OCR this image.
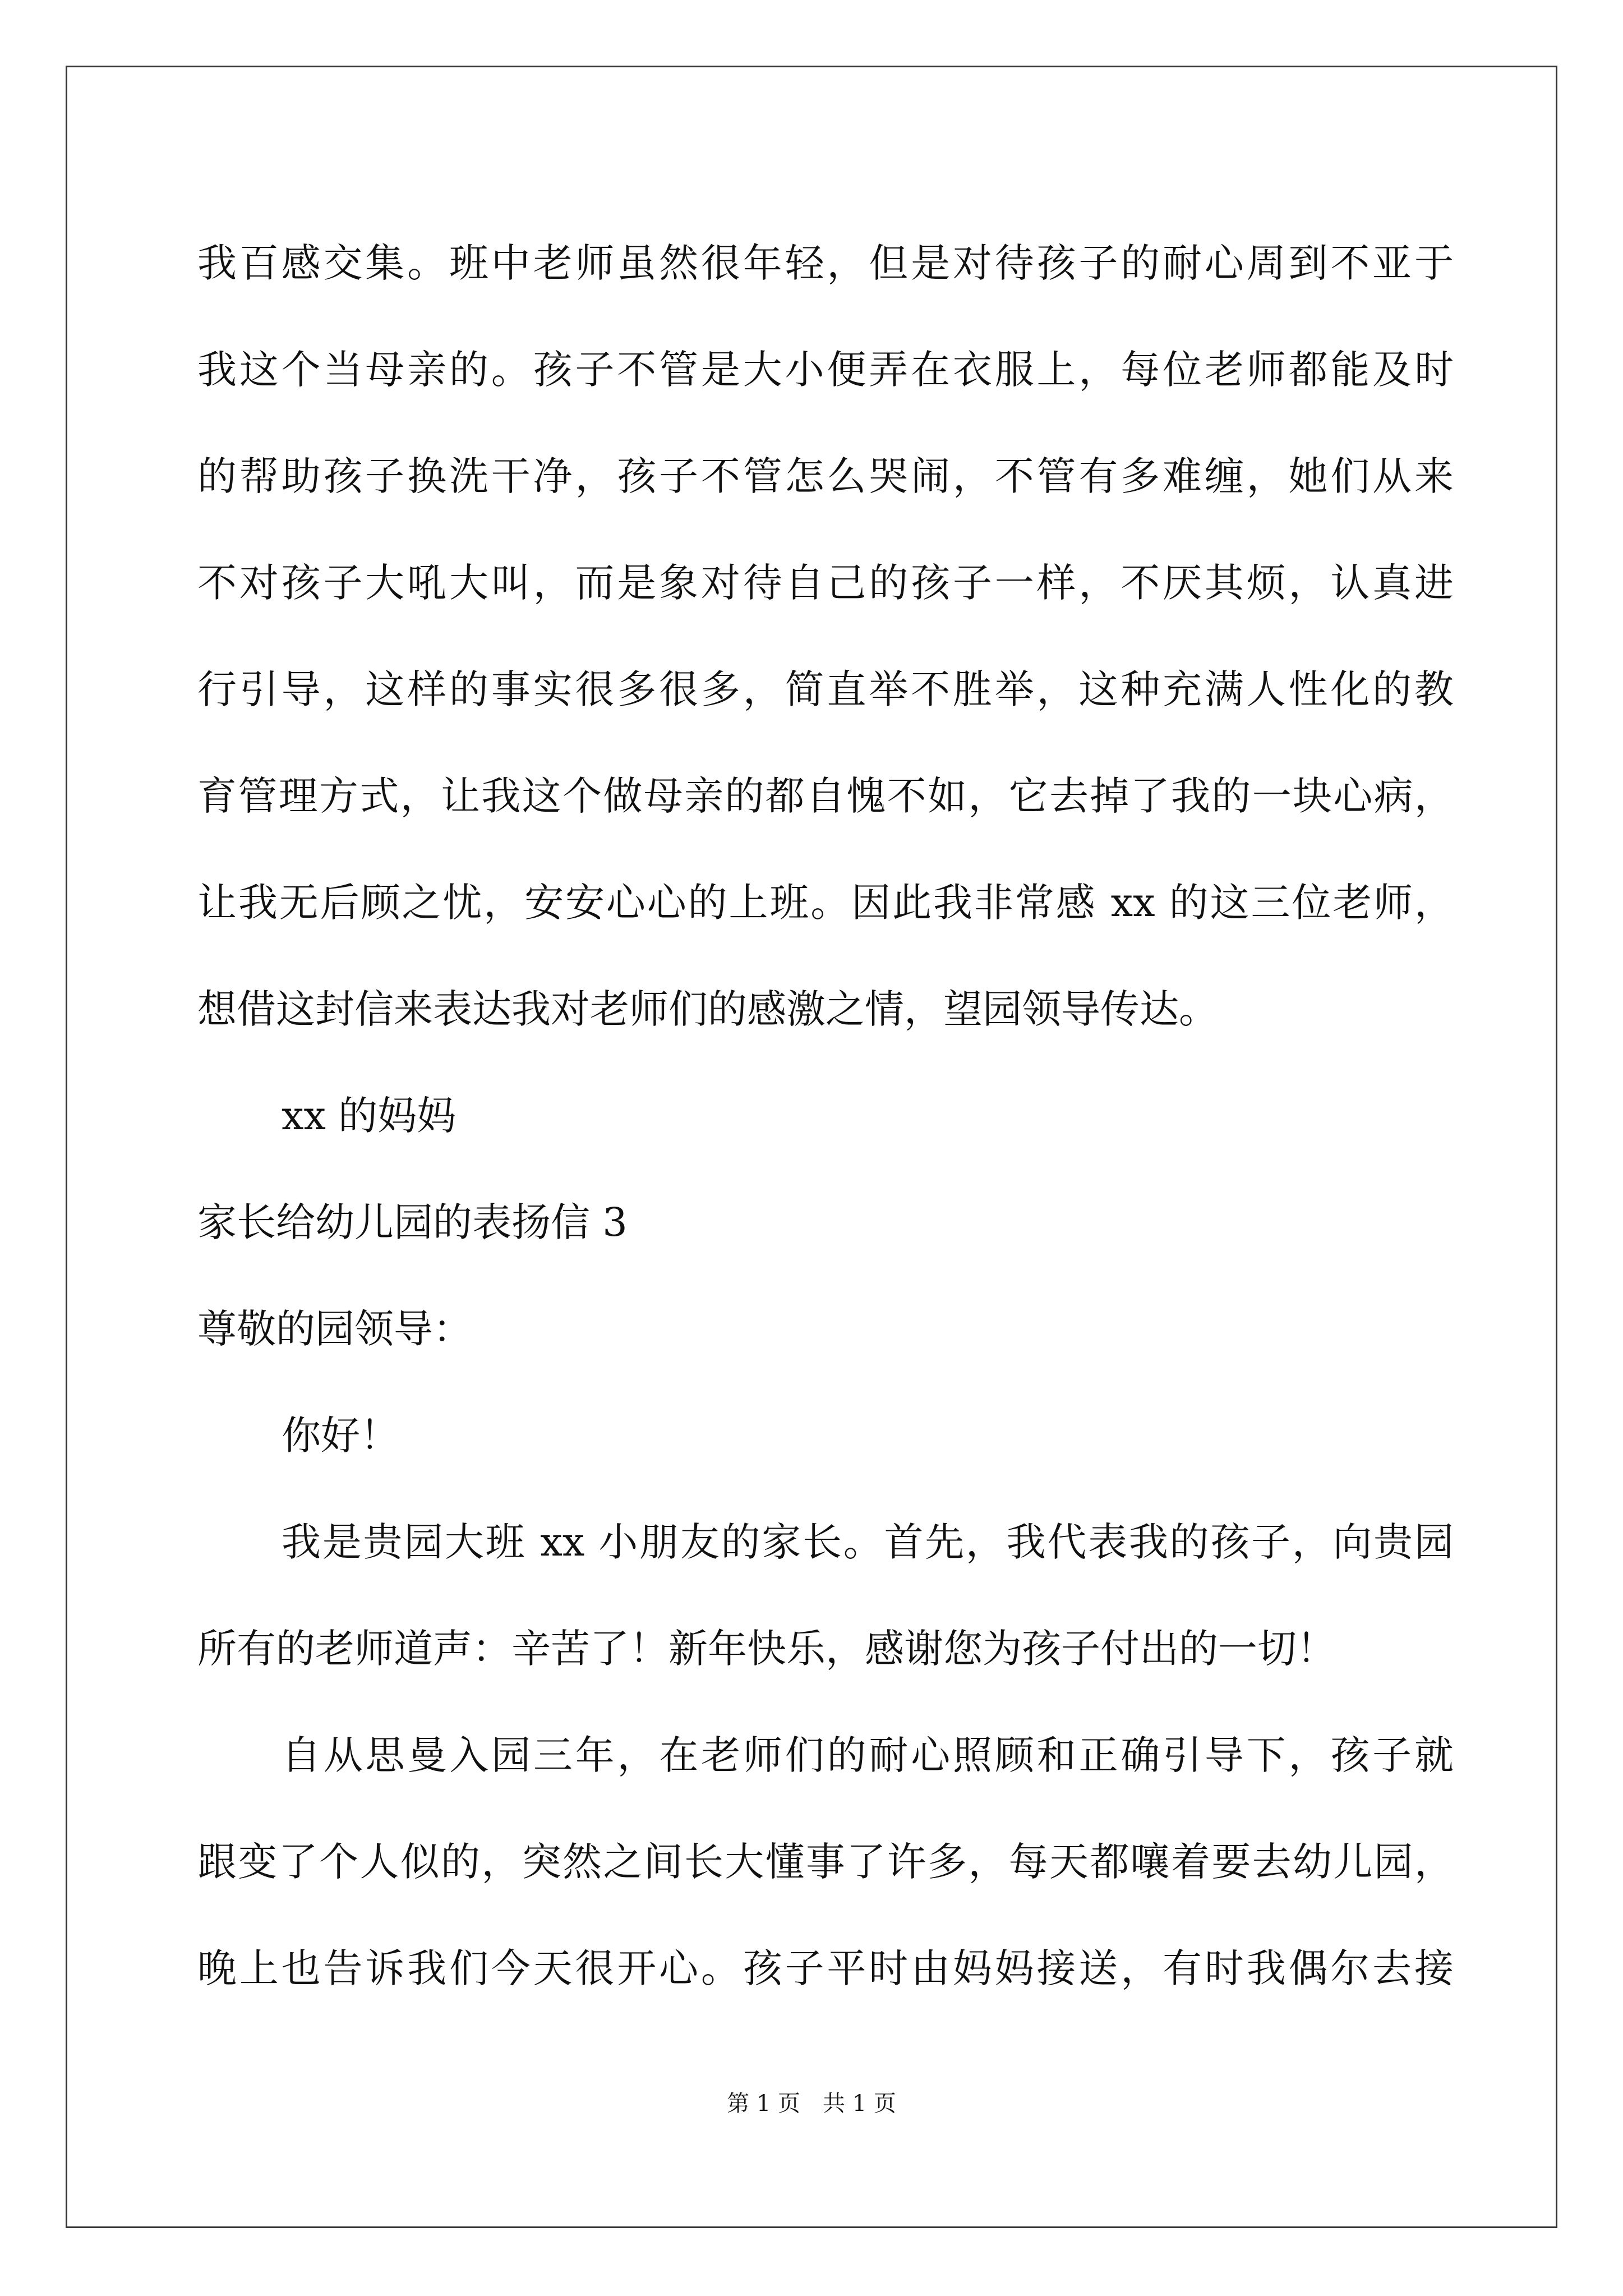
我百感交集。班中老师虽然很年轻，但是对待孩子的耐心周到不亚于
我这个当母亲的。孩子不管是大小便弄在衣服上，每位老师都能及时
的帮助孩子换洗干净，孩子不管怎么哭闹，不管有多难缠，她们从来
不对孩子大吼大叫，而是象对待自己的孩子一样，不厌其烦，认真进
行引导，这样的事实很多很多，简直举不胜举，这种充满人性化的教
育管理方式，让我这个做母亲的都自愧不如，它去掉了我的一块心病，
让我无后顾之忧，安安心心的上班。因此我非常感 xx 的这三位老师，
想借这封信来表达我对老师们的感激之情，望园领导传达。
xx 的妈妈
家长给幼儿园的表扬信 3
尊敬的园领导：
你好！
我是贵园大班 xx 小朋友的家长。首先，我代表我的孩子，向贵园
所有的老师道声：辛苦了！新年快乐，感谢您为孩子付出的一切！
自从思曼入园三年，在老师们的耐心照顾和正确引导下，孩子就
跟变了个人似的，突然之间长大懂事了许多，每天都嚷着要去幼儿园，
晚上也告诉我们今天很开心。孩子平时由妈妈接送，有时我偶尔去接
第 1 页　共 1 页
